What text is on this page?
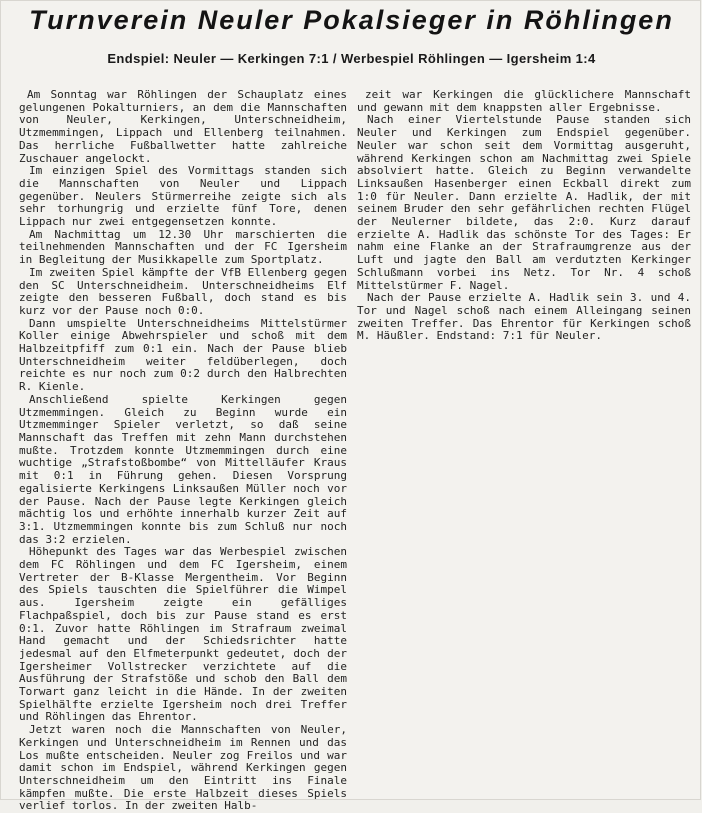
Turnverein Neuler Pokalsieger in Röhlingen
Endspiel: Neuler — Kerkingen 7:1 / Werbespiel Röhlingen — Igersheim 1:4

Am Sonntag war Röhlingen der Schauplatz eines gelungenen Pokalturniers, an dem die Mannschaften von Neuler, Kerkingen, Unterschneidheim, Utzmemmingen, Lippach und Ellenberg teilnahmen. Das herrliche Fußballwetter hatte zahlreiche Zuschauer angelockt.

Im einzigen Spiel des Vormittags standen sich die Mannschaften von Neuler und Lippach gegenüber. Neulers Stürmerreihe zeigte sich als sehr torhungrig und erzielte fünf Tore, denen Lippach nur zwei entgegensetzen konnte.

Am Nachmittag um 12.30 Uhr marschierten die teilnehmenden Mannschaften und der FC Igersheim in Begleitung der Musikkapelle zum Sportplatz.

Im zweiten Spiel kämpfte der VfB Ellenberg gegen den SC Unterschneidheim. Unterschneidheims Elf zeigte den besseren Fußball, doch stand es bis kurz vor der Pause noch 0:0.

Dann umspielte Unterschneidheims Mittelstürmer Koller einige Abwehrspieler und schoß mit dem Halbzeitpfiff zum 0:1 ein. Nach der Pause blieb Unterschneidheim weiter feldüberlegen, doch reichte es nur noch zum 0:2 durch den Halbrechten R. Kienle.

Anschließend spielte Kerkingen gegen Utzmemmingen. Gleich zu Beginn wurde ein Utzmemminger Spieler verletzt, so daß seine Mannschaft das Treffen mit zehn Mann durchstehen mußte. Trotzdem konnte Utzmemmingen durch eine wuchtige „Strafstoßbombe“ von Mittelläufer Kraus mit 0:1 in Führung gehen. Diesen Vorsprung egalisierte Kerkingens Linksaußen Müller noch vor der Pause. Nach der Pause legte Kerkingen gleich mächtig los und erhöhte innerhalb kurzer Zeit auf 3:1. Utzmemmingen konnte bis zum Schluß nur noch das 3:2 erzielen.

Höhepunkt des Tages war das Werbespiel zwischen dem FC Röhlingen und dem FC Igersheim, einem Vertreter der B-Klasse Mergentheim. Vor Beginn des Spiels tauschten die Spielführer die Wimpel aus. Igersheim zeigte ein gefälliges Flachpaßspiel, doch bis zur Pause stand es erst 0:1. Zuvor hatte Röhlingen im Strafraum zweimal Hand gemacht und der Schiedsrichter hatte jedesmal auf den Elfmeterpunkt gedeutet, doch der Igersheimer Vollstrecker verzichtete auf die Ausführung der Strafstöße und schob den Ball dem Torwart ganz leicht in die Hände. In der zweiten Spielhälfte erzielte Igersheim noch drei Treffer und Röhlingen das Ehrentor.

Jetzt waren noch die Mannschaften von Neuler, Kerkingen und Unterschneidheim im Rennen und das Los mußte entscheiden. Neuler zog Freilos und war damit schon im Endspiel, während Kerkingen gegen Unterschneidheim um den Eintritt ins Finale kämpfen mußte. Die erste Halbzeit dieses Spiels verlief torlos. In der zweiten Halb-

zeit war Kerkingen die glücklichere Mannschaft und gewann mit dem knappsten aller Ergebnisse.

Nach einer Viertelstunde Pause standen sich Neuler und Kerkingen zum Endspiel gegenüber. Neuler war schon seit dem Vormittag ausgeruht, während Kerkingen schon am Nachmittag zwei Spiele absolviert hatte. Gleich zu Beginn verwandelte Linksaußen Hasenberger einen Eckball direkt zum 1:0 für Neuler. Dann erzielte A. Hadlik, der mit seinem Bruder den sehr gefährlichen rechten Flügel der Neulerner bildete, das 2:0. Kurz darauf erzielte A. Hadlik das schönste Tor des Tages: Er nahm eine Flanke an der Strafraumgrenze aus der Luft und jagte den Ball am verdutzten Kerkinger Schlußmann vorbei ins Netz. Tor Nr. 4 schoß Mittelstürmer F. Nagel.

Nach der Pause erzielte A. Hadlik sein 3. und 4. Tor und Nagel schoß nach einem Alleingang seinen zweiten Treffer. Das Ehrentor für Kerkingen schoß M. Häußler. Endstand: 7:1 für Neuler.
